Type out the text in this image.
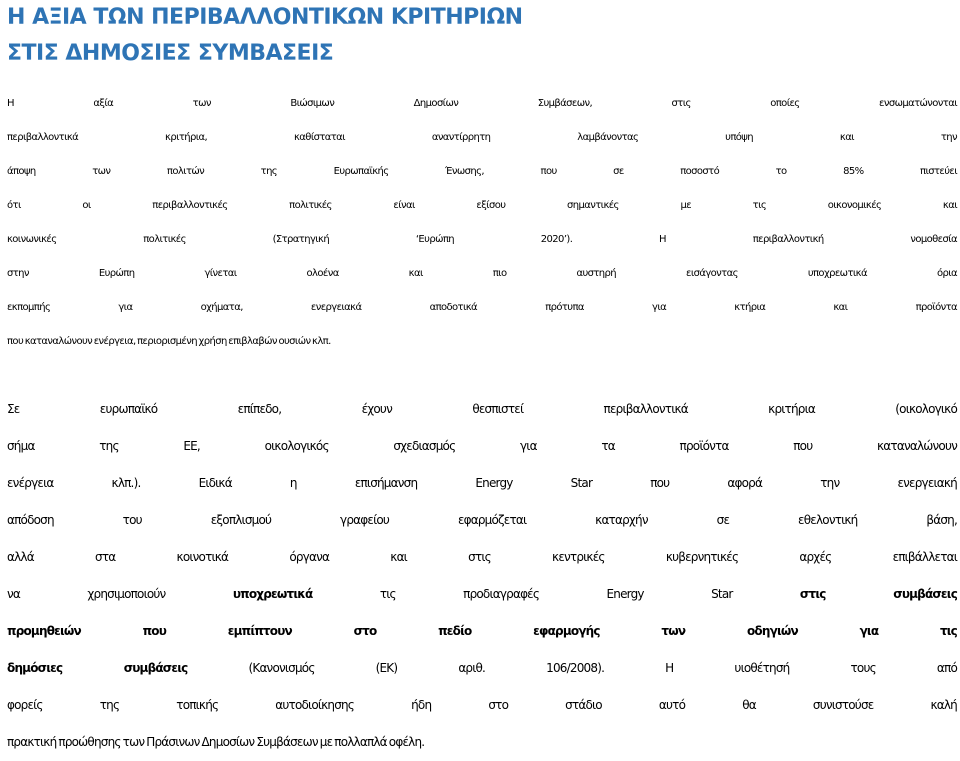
Η ΑΞΙΑ ΤΩΝ ΠΕΡΙΒΑΛΛΟΝΤΙΚΩΝ ΚΡΙΤΗΡΙΩΝ
ΣΤΙΣ ΔΗΜΟΣΙΕΣ ΣΥΜΒΑΣΕΙΣ

Η αξία των Βιώσιμων Δημοσίων Συμβάσεων, στις οποίες ενσωματώνονται
περιβαλλοντικά κριτήρια, καθίσταται αναντίρρητη λαμβάνοντας υπόψη και την
άποψη των πολιτών της Ευρωπαϊκής Ένωσης, που σε ποσοστό το 85% πιστεύει
ότι οι περιβαλλοντικές πολιτικές είναι εξίσου σημαντικές με τις οικονομικές και
κοινωνικές πολιτικές (Στρατηγική ‘Ευρώπη 2020’). Η περιβαλλοντική νομοθεσία
στην Ευρώπη γίνεται ολοένα και πιο αυστηρή εισάγοντας υποχρεωτικά όρια
εκπομπής για οχήματα, ενεργειακά αποδοτικά πρότυπα για κτήρια και προϊόντα
που καταναλώνουν ενέργεια, περιορισμένη χρήση επιβλαβών ουσιών κλπ.

Σε ευρωπαϊκό επίπεδο, έχουν θεσπιστεί περιβαλλοντικά κριτήρια (οικολογικό
σήμα της ΕΕ, οικολογικός σχεδιασμός για τα προϊόντα που καταναλώνουν
ενέργεια κλπ.). Ειδικά η επισήμανση Energy Star που αφορά την ενεργειακή
απόδοση του εξοπλισμού γραφείου εφαρμόζεται καταρχήν σε εθελοντική βάση,
αλλά στα κοινοτικά όργανα και στις κεντρικές κυβερνητικές αρχές επιβάλλεται
να χρησιμοποιούν υποχρεωτικά τις προδιαγραφές Energy Star στις συμβάσεις
προμηθειών που εμπίπτουν στο πεδίο εφαρμογής των οδηγιών για τις
δημόσιες συμβάσεις (Κανονισμός (ΕΚ) αριθ. 106/2008). Η υιοθέτησή τους από
φορείς της τοπικής αυτοδιοίκησης ήδη στο στάδιο αυτό θα συνιστούσε καλή
πρακτική προώθησης των Πράσινων Δημοσίων Συμβάσεων με πολλαπλά οφέλη.
